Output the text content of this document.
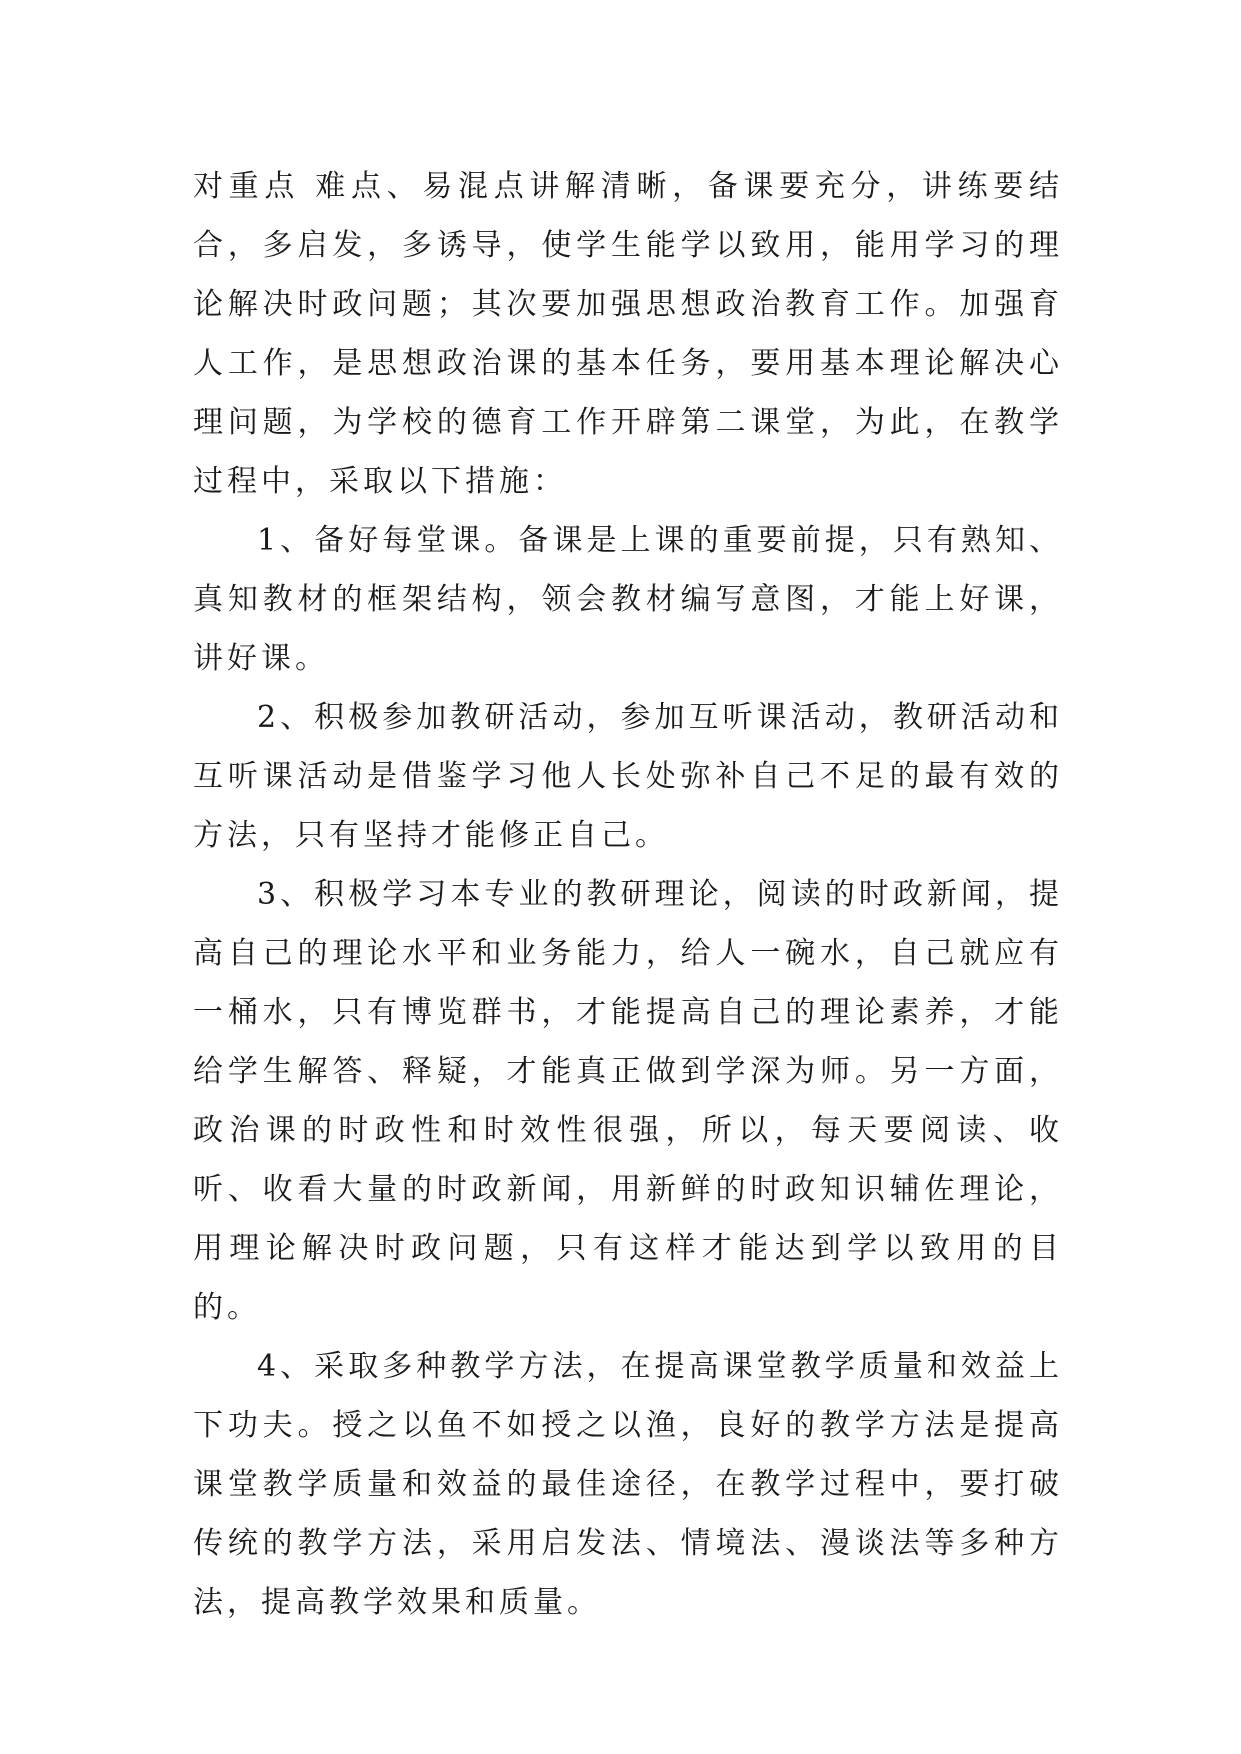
对重点 难点、易混点讲解清晰，备课要充分，讲练要结合，多启发，多诱导，使学生能学以致用，能用学习的理论解决时政问题；其次要加强思想政治教育工作。加强育人工作，是思想政治课的基本任务，要用基本理论解决心理问题，为学校的德育工作开辟第二课堂，为此，在教学过程中，采取以下措施：

1、备好每堂课。备课是上课的重要前提，只有熟知、真知教材的框架结构，领会教材编写意图，才能上好课，讲好课。

2、积极参加教研活动，参加互听课活动，教研活动和互听课活动是借鉴学习他人长处弥补自己不足的最有效的方法，只有坚持才能修正自己。

3、积极学习本专业的教研理论，阅读的时政新闻，提高自己的理论水平和业务能力，给人一碗水，自己就应有一桶水，只有博览群书，才能提高自己的理论素养，才能给学生解答、释疑，才能真正做到学深为师。另一方面，政治课的时政性和时效性很强，所以，每天要阅读、收听、收看大量的时政新闻，用新鲜的时政知识辅佐理论，用理论解决时政问题，只有这样才能达到学以致用的目的。

4、采取多种教学方法，在提高课堂教学质量和效益上下功夫。授之以鱼不如授之以渔，良好的教学方法是提高课堂教学质量和效益的最佳途径，在教学过程中，要打破传统的教学方法，采用启发法、情境法、漫谈法等多种方法，提高教学效果和质量。
